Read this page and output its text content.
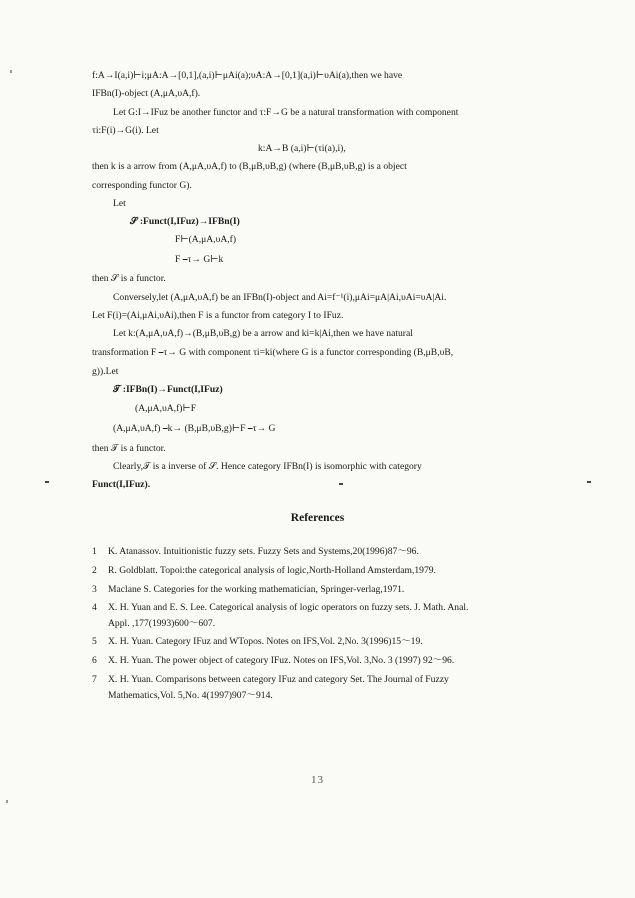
f:A→I(a,i)⊢i;μA:A→[0,1],(a,i)⊢μAi(a);υA:A→[0,1](a,i)⊢υAi(a),then we have
IFBn(I)-object (A,μA,υA,f).
Let G:I→IFuz be another functor and τ:F→G be a natural transformation with component
τi:F(i)→G(i). Let
k:A→B (a,i)⊢(τi(a),i),
then k is a arrow from (A,μA,υA,f) to (B,μB,υB,g) (where (B,μB,υB,g) is a object
corresponding functor G).
Let
𝒮 :Funct(I,IFuz)→IFBn(I)
F⊢(A,μA,υA,f)
F ⎯τ→ G⊢k
then 𝒮 is a functor.
Conversely,let (A,μA,υA,f) be an IFBn(I)-object and Ai=f⁻¹(i),μAi=μA|Ai,υAi=υA|Ai.
Let F(i)=(Ai,μAi,υAi),then F is a functor from category I to IFuz.
Let k:(A,μA,υA,f)→(B,μB,υB,g) be a arrow and ki=k|Ai,then we have natural
transformation F ⎯τ→ G with component τi=ki(where G is a functor corresponding (B,μB,υB,
g)).Let
𝒯 :IFBn(I)→Funct(I,IFuz)
(A,μA,υA,f)⊢F
(A,μA,υA,f) ⎯k→ (B,μB,υB,g)⊢F ⎯τ→ G
then 𝒯 is a functor.
Clearly,𝒯 is a inverse of 𝒮. Hence category IFBn(I) is isomorphic with category
Funct(I,IFuz).
References
1 K. Atanassov. Intuitionistic fuzzy sets. Fuzzy Sets and Systems,20(1996)87～96.
2 R. Goldblatt. Topoi:the categorical analysis of logic,North-Holland Amsterdam,1979.
3 Maclane S. Categories for the working mathematician, Springer-verlag,1971.
4 X. H. Yuan and E. S. Lee. Categorical analysis of logic operators on fuzzy sets. J. Math. Anal.
Appl. ,177(1993)600～607.
5 X. H. Yuan. Category IFuz and WTopos. Notes on IFS,Vol. 2,No. 3(1996)15～19.
6 X. H. Yuan. The power object of category IFuz. Notes on IFS,Vol. 3,No. 3 (1997) 92～96.
7 X. H. Yuan. Comparisons between category IFuz and category Set. The Journal of Fuzzy
Mathematics,Vol. 5,No. 4(1997)907～914.
13
